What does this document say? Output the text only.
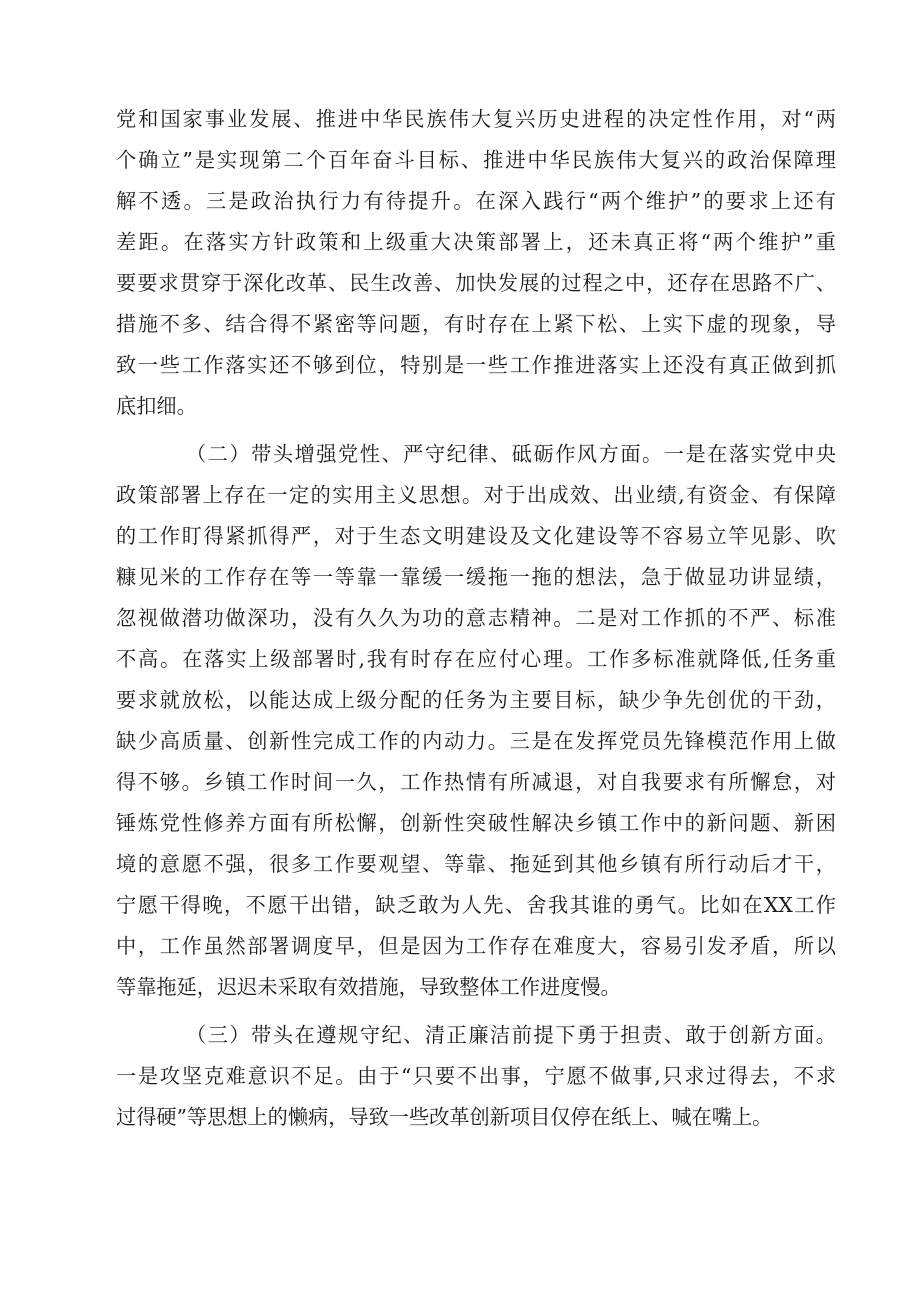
党和国家事业发展、推进中华民族伟大复兴历史进程的决定性作用，对“两
个确立”是实现第二个百年奋斗目标、推进中华民族伟大复兴的政治保障理
解不透。三是政治执行力有待提升。在深入践行“两个维护”的要求上还有
差距。在落实方针政策和上级重大决策部署上，还未真正将“两个维护”重
要要求贯穿于深化改革、民生改善、加快发展的过程之中，还存在思路不广、
措施不多、结合得不紧密等问题，有时存在上紧下松、上实下虚的现象，导
致一些工作落实还不够到位，特别是一些工作推进落实上还没有真正做到抓
底扣细。
（二）带头增强党性、严守纪律、砥砺作风方面。一是在落实党中央
政策部署上存在一定的实用主义思想。对于出成效、出业绩,有资金、有保障
的工作盯得紧抓得严，对于生态文明建设及文化建设等不容易立竿见影、吹
糠见米的工作存在等一等靠一靠缓一缓拖一拖的想法，急于做显功讲显绩，
忽视做潜功做深功，没有久久为功的意志精神。二是对工作抓的不严、标准
不高。在落实上级部署时,我有时存在应付心理。工作多标准就降低,任务重
要求就放松，以能达成上级分配的任务为主要目标，缺少争先创优的干劲，
缺少高质量、创新性完成工作的内动力。三是在发挥党员先锋模范作用上做
得不够。乡镇工作时间一久，工作热情有所减退，对自我要求有所懈怠，对
锤炼党性修养方面有所松懈，创新性突破性解决乡镇工作中的新问题、新困
境的意愿不强，很多工作要观望、等靠、拖延到其他乡镇有所行动后才干，
宁愿干得晚，不愿干出错，缺乏敢为人先、舍我其谁的勇气。比如在XX工作
中，工作虽然部署调度早，但是因为工作存在难度大，容易引发矛盾，所以
等靠拖延，迟迟未采取有效措施，导致整体工作进度慢。
（三）带头在遵规守纪、清正廉洁前提下勇于担责、敢于创新方面。
一是攻坚克难意识不足。由于“只要不出事，宁愿不做事,只求过得去，不求
过得硬”等思想上的懒病，导致一些改革创新项目仅停在纸上、喊在嘴上。
